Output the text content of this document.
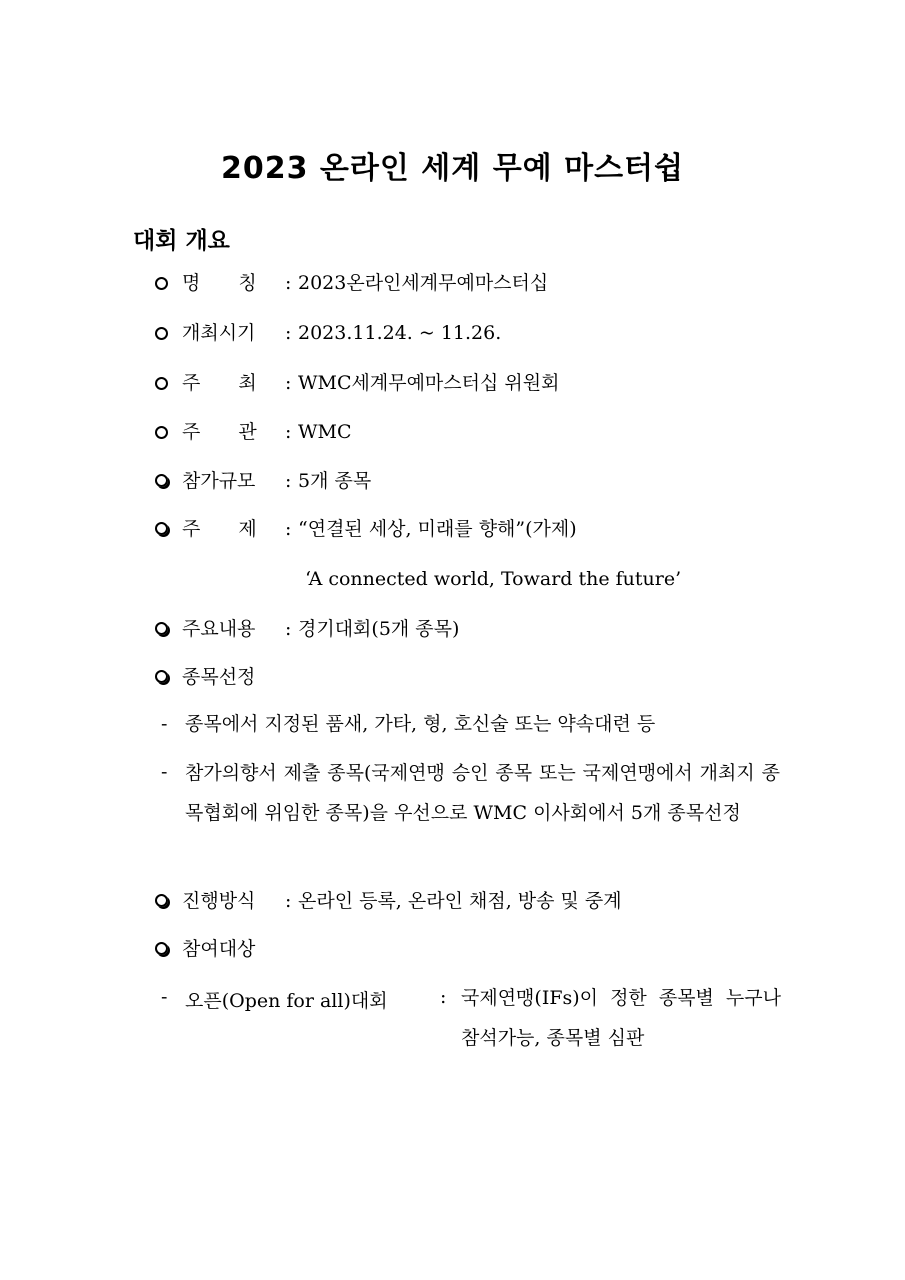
2023 온라인 세계 무예 마스터쉽
대회 개요
명　　칭 : 2023온라인세계무예마스터십
개최시기 : 2023.11.24. ~ 11.26.
주　　최 : WMC세계무예마스터십 위원회
주　　관 : WMC
참가규모 : 5개 종목
주　　제 : “연결된 세상, 미래를 향해”(가제)
‘A connected world, Toward the future’
주요내용 : 경기대회(5개 종목)
종목선정
- 종목에서 지정된 품새, 가타, 형, 호신술 또는 약속대련 등
- 참가의향서 제출 종목(국제연맹 승인 종목 또는 국제연맹에서 개최지 종목협회에 위임한 종목)을 우선으로 WMC 이사회에서 5개 종목선정
진행방식 : 온라인 등록, 온라인 채점, 방송 및 중계
참여대상
- 오픈(Open for all)대회	: 국제연맹(IFs)이 정한 종목별 누구나 참석가능, 종목별 심판
